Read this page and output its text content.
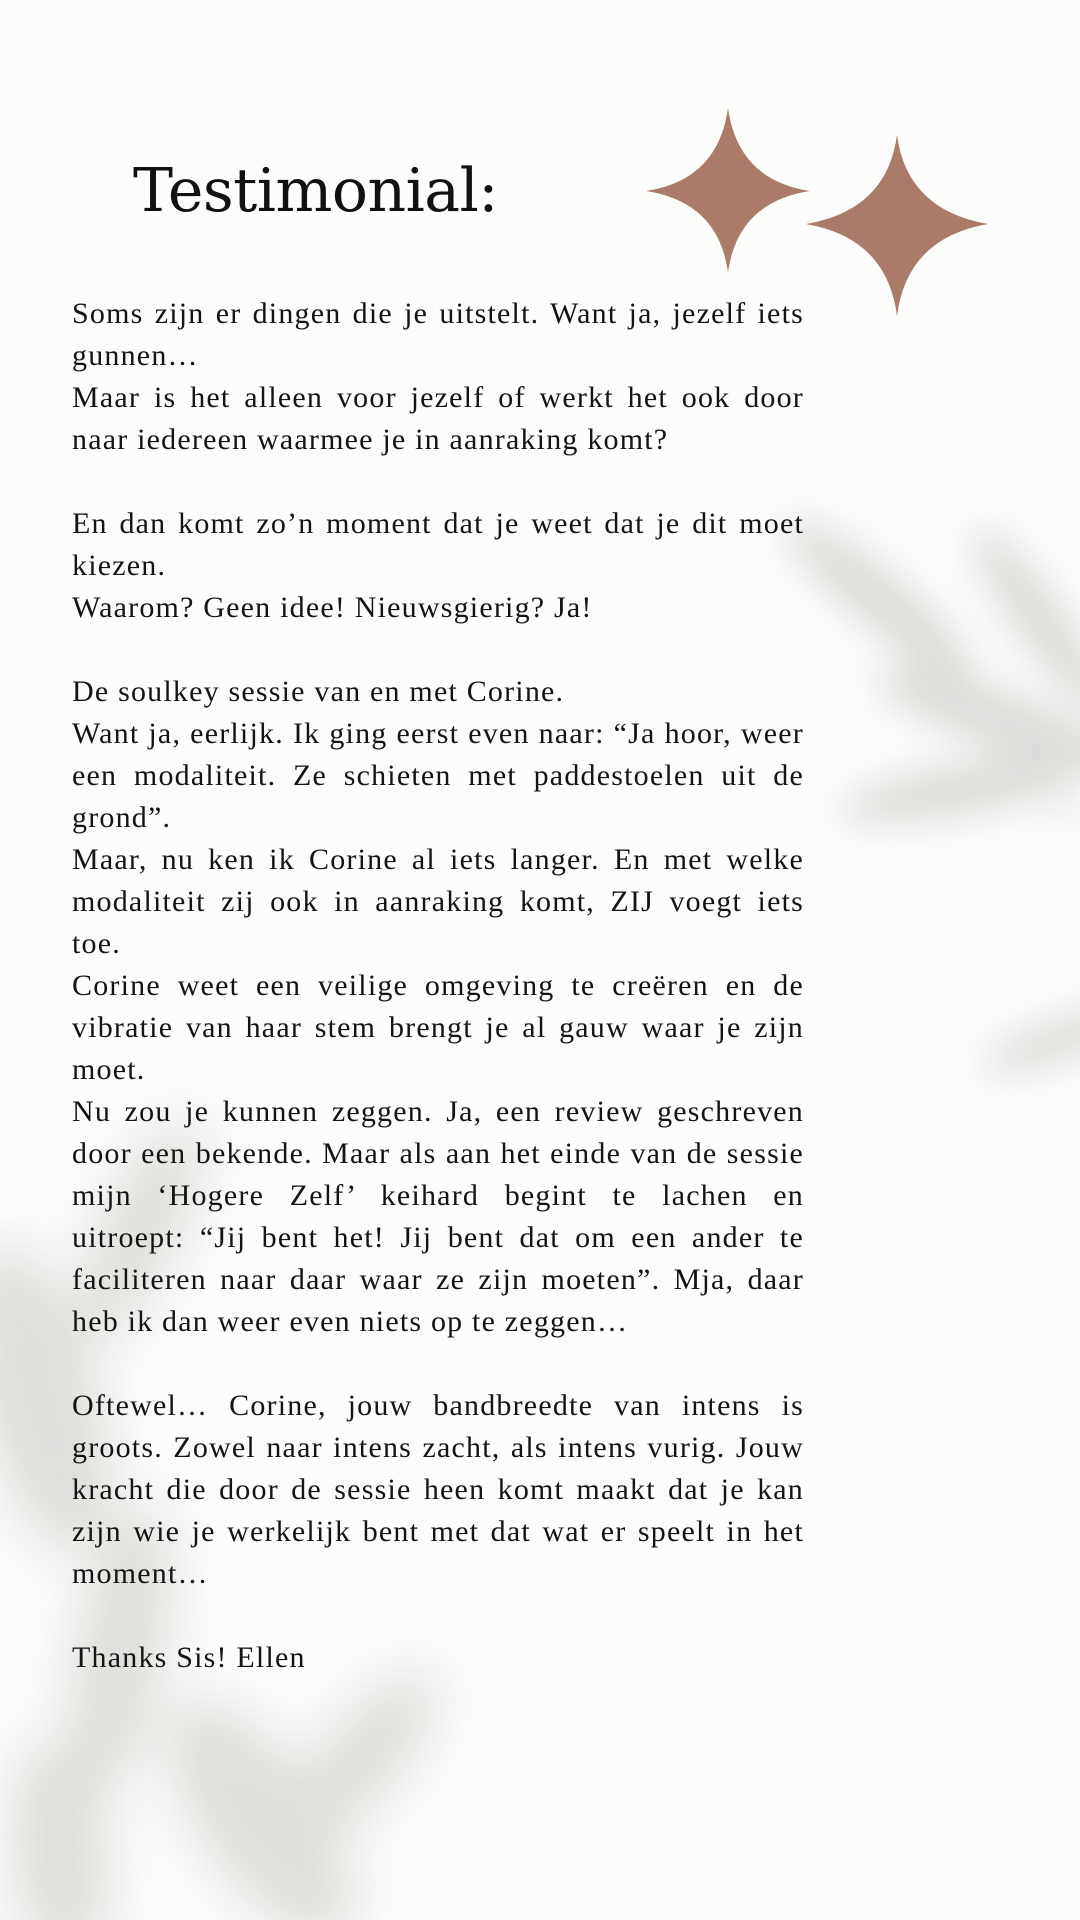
Testimonial:

Soms zijn er dingen die je uitstelt. Want ja, jezelf iets gunnen…

Maar is het alleen voor jezelf of werkt het ook door naar iedereen waarmee je in aanraking komt?

En dan komt zo’n moment dat je weet dat je dit moet kiezen.

Waarom? Geen idee! Nieuwsgierig? Ja!

De soulkey sessie van en met Corine.

Want ja, eerlijk. Ik ging eerst even naar: “Ja hoor, weer een modaliteit. Ze schieten met paddestoelen uit de grond”.

Maar, nu ken ik Corine al iets langer. En met welke modaliteit zij ook in aanraking komt, ZIJ voegt iets toe.

Corine weet een veilige omgeving te creëren en de vibratie van haar stem brengt je al gauw waar je zijn moet.

Nu zou je kunnen zeggen. Ja, een review geschreven door een bekende. Maar als aan het einde van de sessie mijn ‘Hogere Zelf’ keihard begint te lachen en uitroept: “Jij bent het! Jij bent dat om een ander te faciliteren naar daar waar ze zijn moeten”. Mja, daar heb ik dan weer even niets op te zeggen…

Oftewel… Corine, jouw bandbreedte van intens is groots. Zowel naar intens zacht, als intens vurig. Jouw kracht die door de sessie heen komt maakt dat je kan zijn wie je werkelijk bent met dat wat er speelt in het moment…

Thanks Sis! Ellen
